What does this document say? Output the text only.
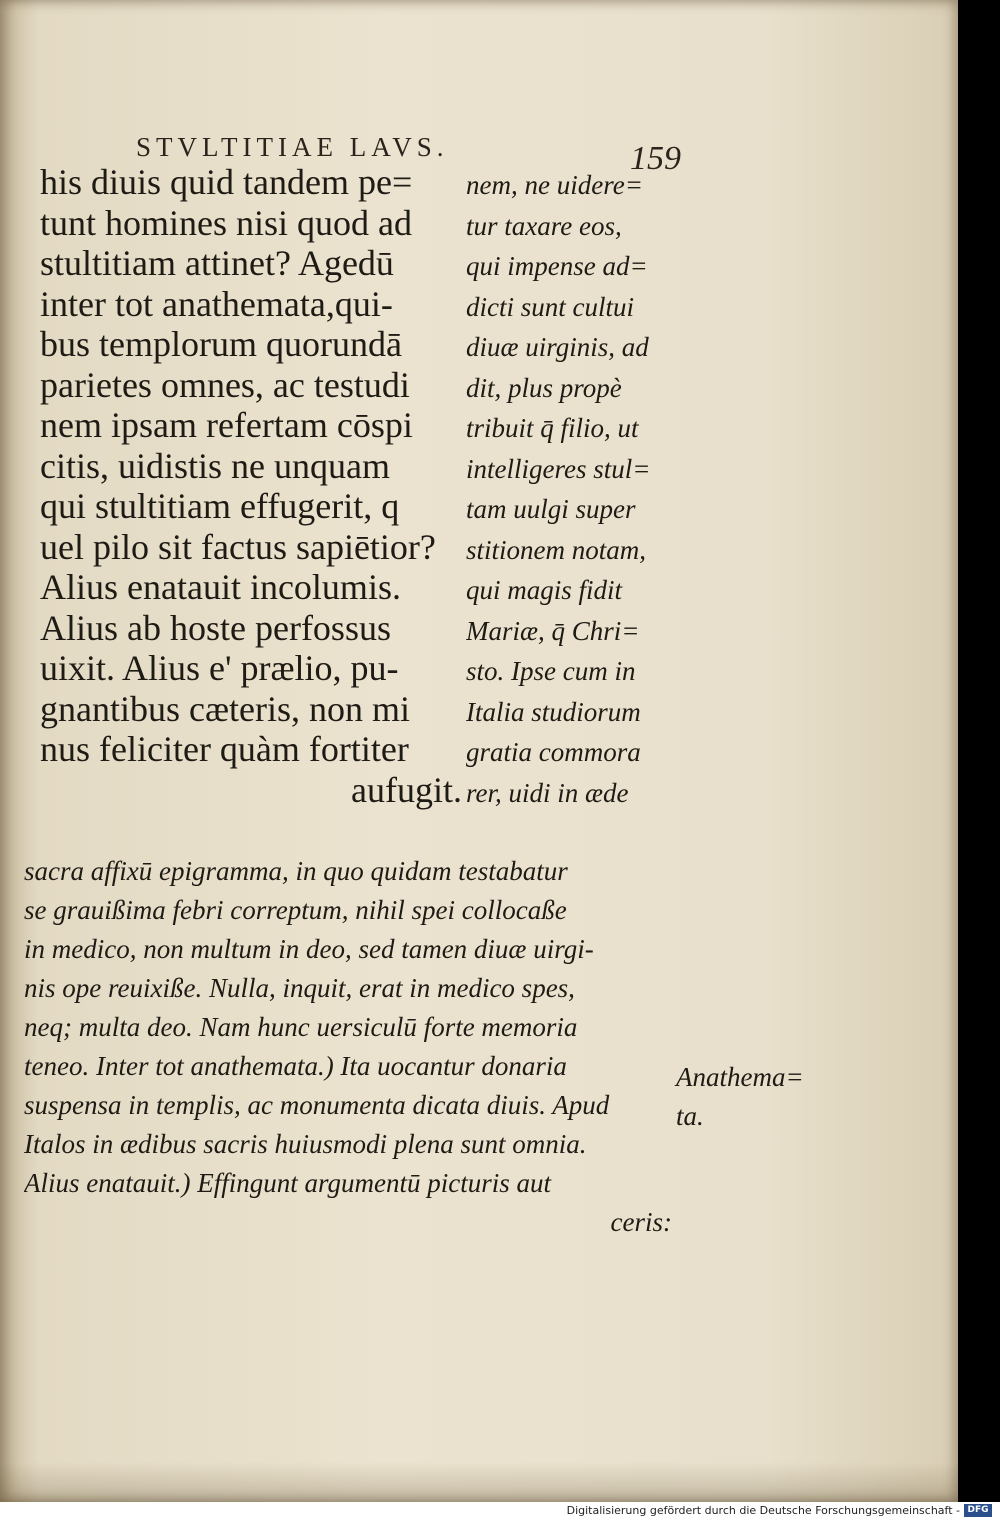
STVLTITIAE LAVS.	159
his diuis quid tandem pe=
tunt homines nisi quod ad
stultitiam attinet? Agedū
inter tot anathemata,qui-
bus templorum quorundā
parietes omnes, ac testudi
nem ipsam refertam cōspi
citis, uidistis ne unquam
qui stultitiam effugerit, q
uel pilo sit factus sapiētior?
Alius enatauit incolumis.
Alius ab hoste perfossus
uixit. Alius e' prælio, pu-
gnantibus cæteris, non mi
nus feliciter quàm fortiter
aufugit.
nem, ne uidere=
tur taxare eos,
qui impense ad=
dicti sunt cultui
diuæ uirginis, ad
dit, plus propè
tribuit q̄ filio, ut
intelligeres stul=
tam uulgi super
stitionem notam,
qui magis fidit
Mariæ, q̄ Chri=
sto. Ipse cum in
Italia studiorum
gratia commora
rer, uidi in æde
sacra affixū epigramma, in quo quidam testabatur
se grauißima febri correptum, nihil spei collocaße
in medico, non multum in deo, sed tamen diuæ uirgi-
nis ope reuixiße. Nulla, inquit, erat in medico spes,
neq; multa deo. Nam hunc uersiculū forte memoria
teneo. Inter tot anathemata.) Ita uocantur donaria
suspensa in templis, ac monumenta dicata diuis. Apud
Italos in ædibus sacris huiusmodi plena sunt omnia.
Alius enatauit.) Effingunt argumentū picturis aut
ceris:
Anathema=
ta.
Digitalisierung gefördert durch die Deutsche Forschungsgemeinschaft - DFG
